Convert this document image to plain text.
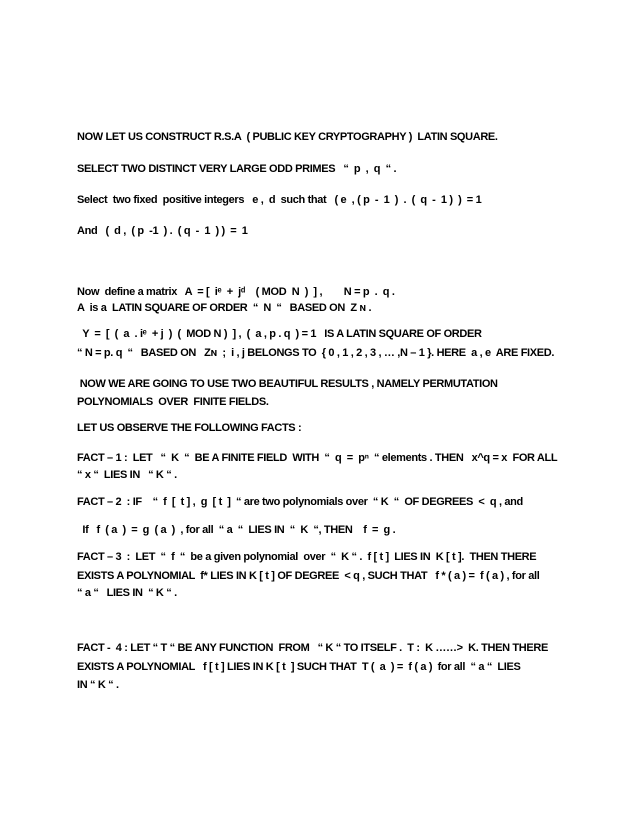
NOW LET US CONSTRUCT R.S.A  ( PUBLIC KEY CRYPTOGRAPHY )  LATIN SQUARE.

SELECT TWO DISTINCT VERY LARGE ODD PRIMES   “  p  ,  q  “ .

Select  two fixed  positive integers   e ,  d  such that   ( e  , ( p  -  1  )  .  (  q  -  1 )  )  = 1

And   (  d ,  ( p  -1  ) .  ( q  -  1  ) )  =  1

Now  define a matrix   A  = [  iᵉ  +  jᵈ    ( MOD  N  )  ] ,        N = p  .  q .

A  is a  LATIN SQUARE OF ORDER  “  N  “   BASED ON  Z ɴ .

Y  =  [  (  a  . iᵉ  + j  )  (  MOD N )  ] ,  (  a , p . q  ) = 1   IS A LATIN SQUARE OF ORDER

“ N = p. q  “   BASED ON   Zɴ  ;  i , j BELONGS TO  { 0 , 1 , 2 , 3 , … ,N – 1 }. HERE  a , e  ARE FIXED.

NOW WE ARE GOING TO USE TWO BEAUTIFUL RESULTS , NAMELY PERMUTATION

POLYNOMIALS  OVER  FINITE FIELDS.

LET US OBSERVE THE FOLLOWING FACTS :

FACT – 1 :  LET   “  K  “  BE A FINITE FIELD  WITH  “  q  =  pⁿ  “ elements . THEN   x^q = x  FOR ALL

“ x “  LIES IN   “ K “ .

FACT – 2  : IF    “  f  [  t ] ,  g  [ t  ]  “ are two polynomials over  “ K  “  OF DEGREES  <  q , and

If   f  ( a  )  =  g  ( a  )  , for all  “ a  “  LIES IN  “  K  “, THEN    f  =  g .

FACT – 3  :  LET  “  f  “  be a given polynomial  over  “  K “ .  f [ t ]  LIES IN  K [ t ].  THEN THERE

EXISTS A POLYNOMIAL  f* LIES IN K [ t ] OF DEGREE  < q , SUCH THAT   f * ( a ) =  f ( a ) , for all

“ a “   LIES IN  “ K “ .

FACT -  4 : LET “ T “ BE ANY FUNCTION  FROM   “ K “ TO ITSELF .  T :  K ……>  K. THEN THERE

EXISTS A POLYNOMIAL   f [ t ] LIES IN K [ t  ] SUCH THAT  T (  a  ) =  f ( a )  for all  “ a “  LIES

IN “ K “ .
